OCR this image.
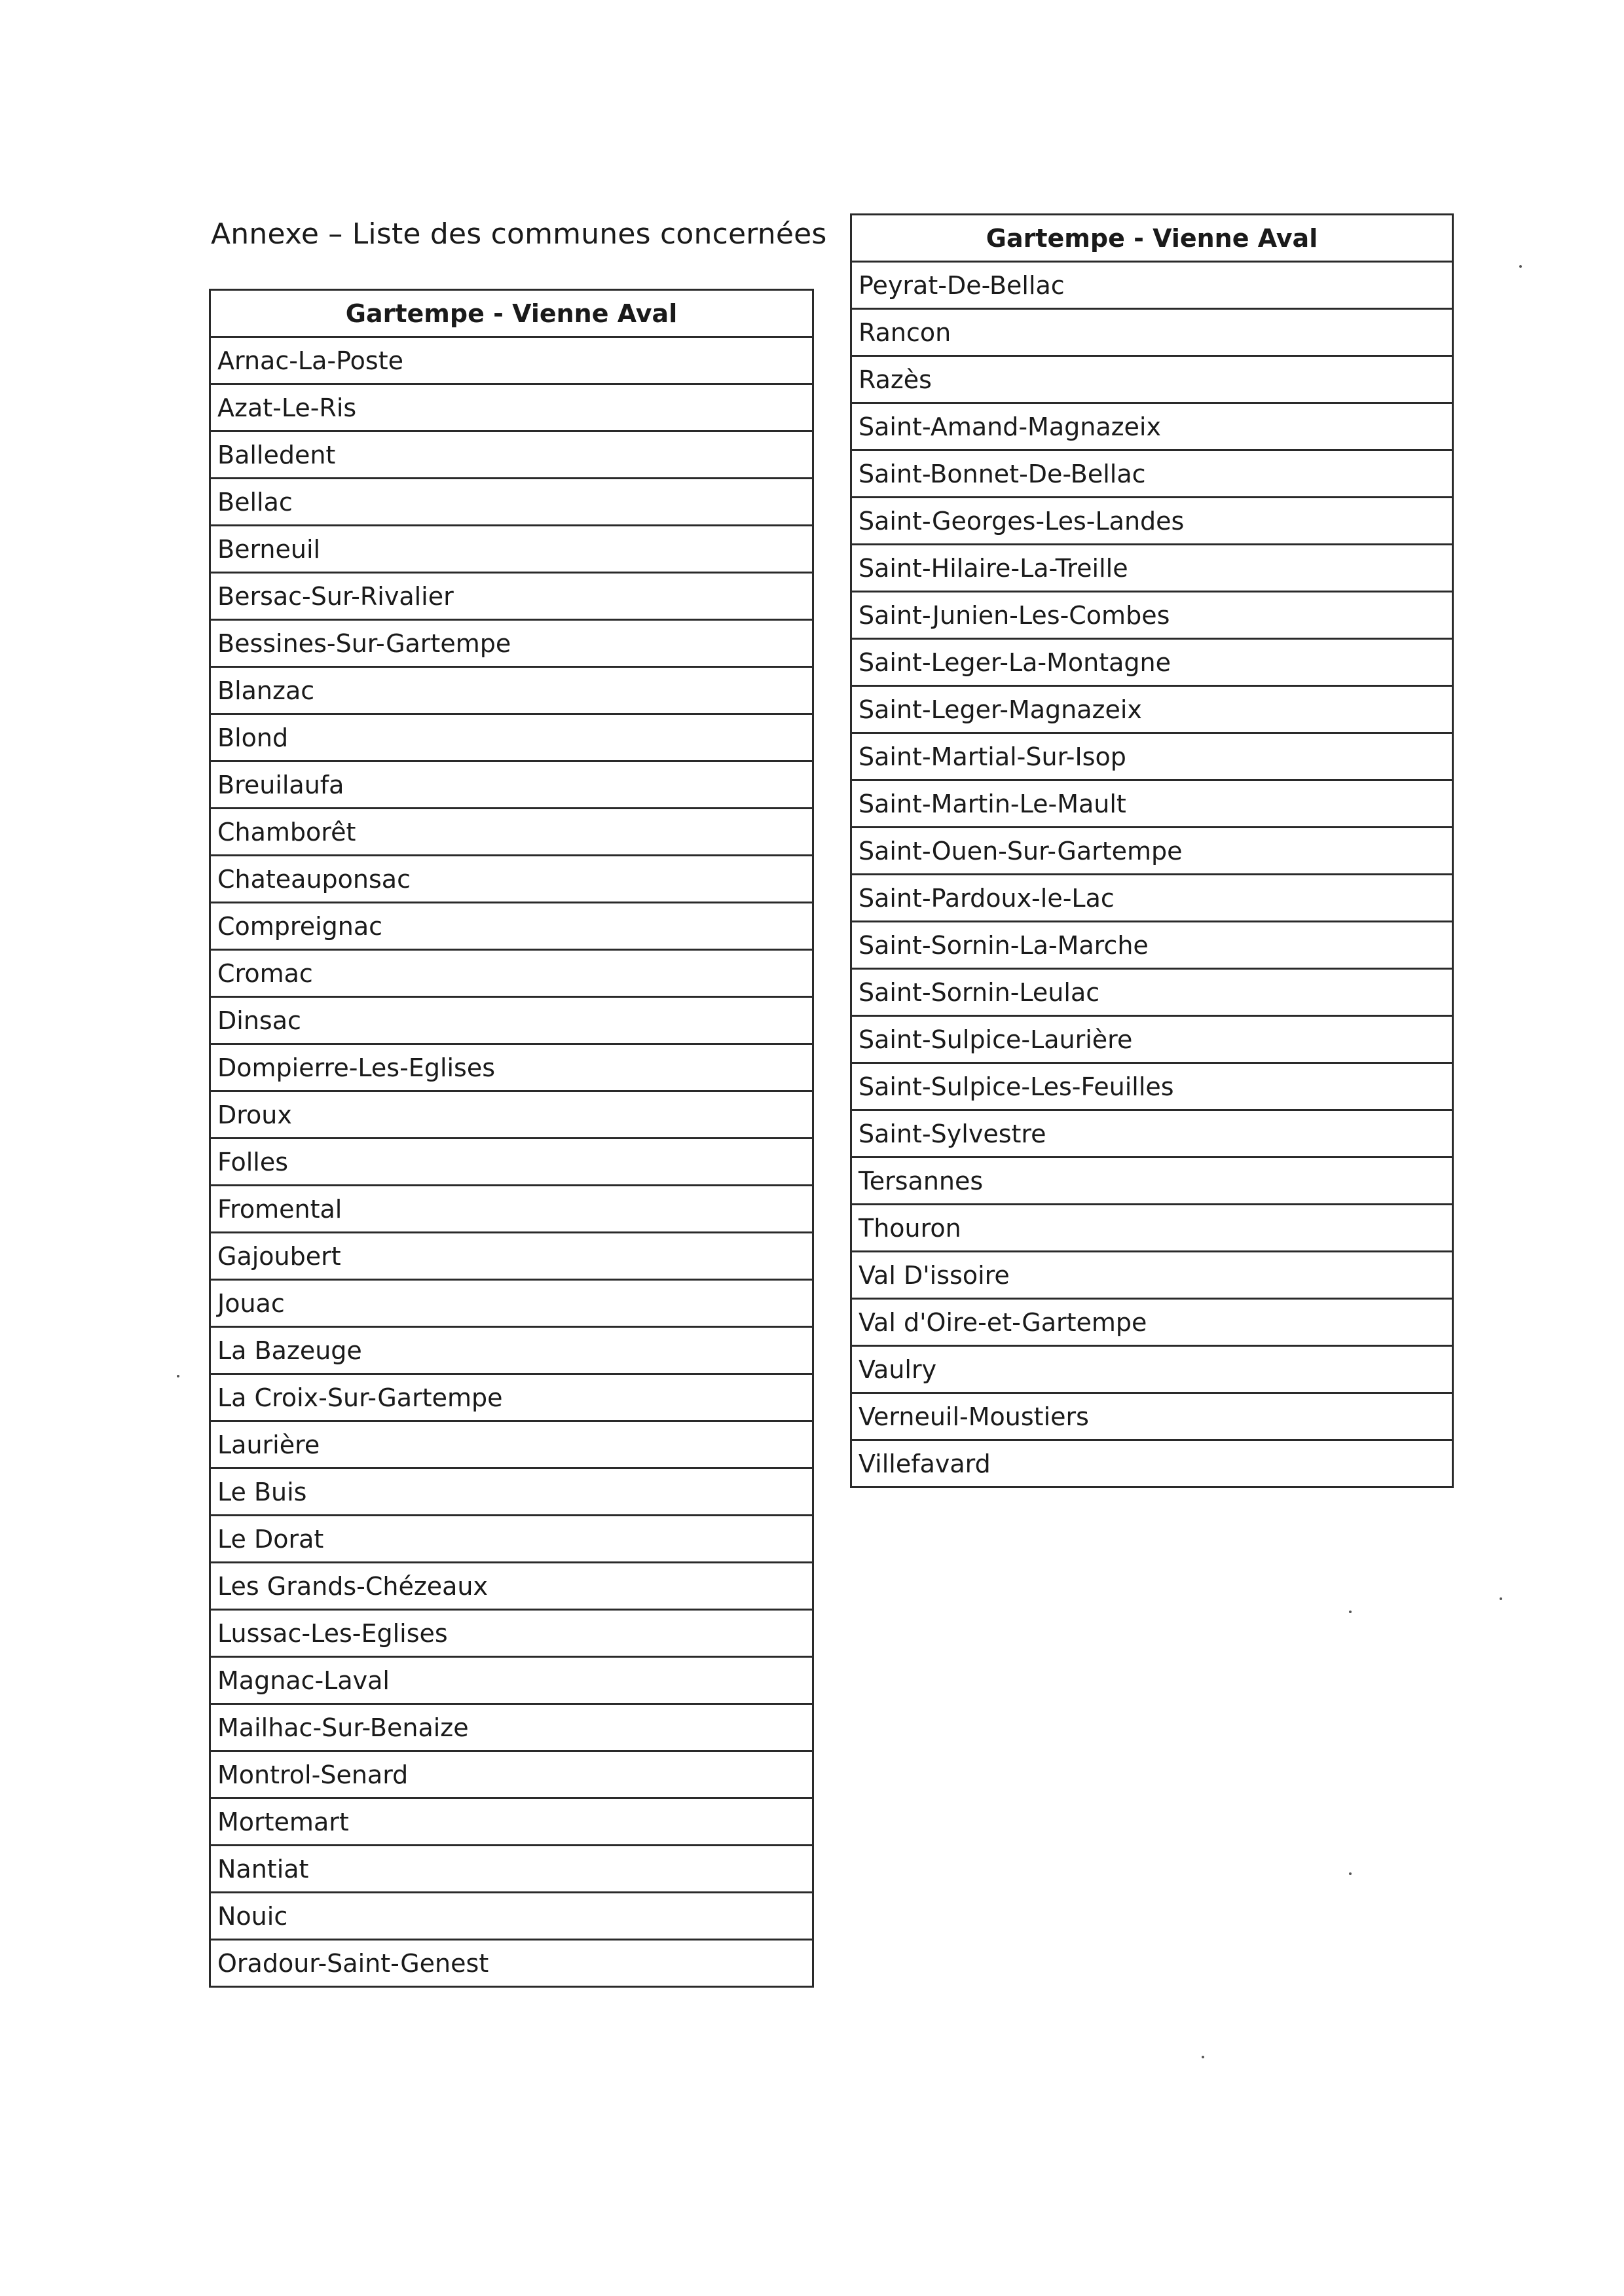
Annexe – Liste des communes concernées
Gartempe - Vienne Aval
Arnac-La-Poste
Azat-Le-Ris
Balledent
Bellac
Berneuil
Bersac-Sur-Rivalier
Bessines-Sur-Gartempe
Blanzac
Blond
Breuilaufa
Chamborêt
Chateauponsac
Compreignac
Cromac
Dinsac
Dompierre-Les-Eglises
Droux
Folles
Fromental
Gajoubert
Jouac
La Bazeuge
La Croix-Sur-Gartempe
Laurière
Le Buis
Le Dorat
Les Grands-Chézeaux
Lussac-Les-Eglises
Magnac-Laval
Mailhac-Sur-Benaize
Montrol-Senard
Mortemart
Nantiat
Nouic
Oradour-Saint-Genest
Gartempe - Vienne Aval
Peyrat-De-Bellac
Rancon
Razès
Saint-Amand-Magnazeix
Saint-Bonnet-De-Bellac
Saint-Georges-Les-Landes
Saint-Hilaire-La-Treille
Saint-Junien-Les-Combes
Saint-Leger-La-Montagne
Saint-Leger-Magnazeix
Saint-Martial-Sur-Isop
Saint-Martin-Le-Mault
Saint-Ouen-Sur-Gartempe
Saint-Pardoux-le-Lac
Saint-Sornin-La-Marche
Saint-Sornin-Leulac
Saint-Sulpice-Laurière
Saint-Sulpice-Les-Feuilles
Saint-Sylvestre
Tersannes
Thouron
Val D'issoire
Val d'Oire-et-Gartempe
Vaulry
Verneuil-Moustiers
Villefavard
